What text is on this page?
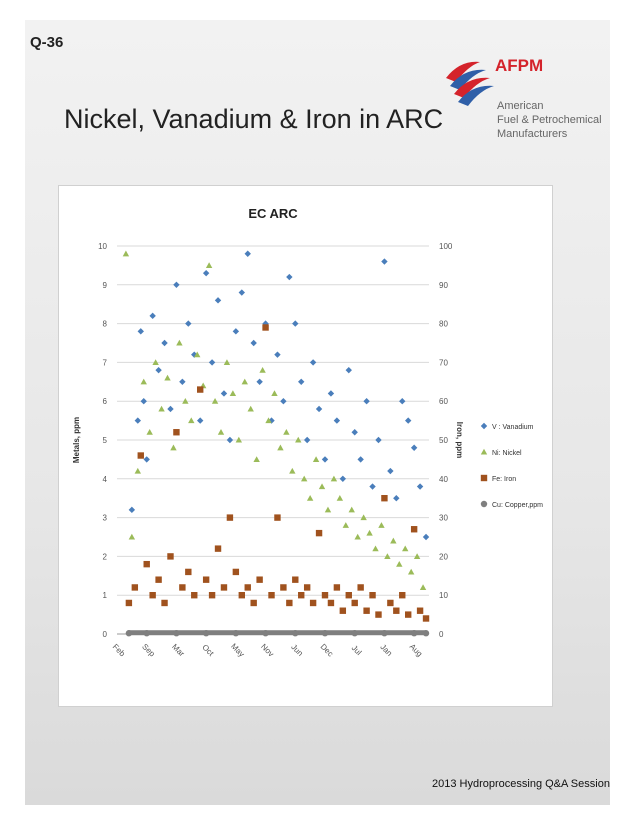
Q-36
Nickel, Vanadium & Iron in ARC
AFPM
American
Fuel & Petrochemical
Manufacturers
EC ARC
0
1
2
3
4
5
6
7
8
9
10
0
10
20
30
40
50
60
70
80
90
100
Feb Sep Mar Oct May Nov Jun Dec Jul Jan Aug
Metals, ppm	Iron, ppm	V : Vanadium
Ni: Nickel
Fe: Iron
Cu: Copper,ppm
2013 Hydroprocessing Q&A Session
